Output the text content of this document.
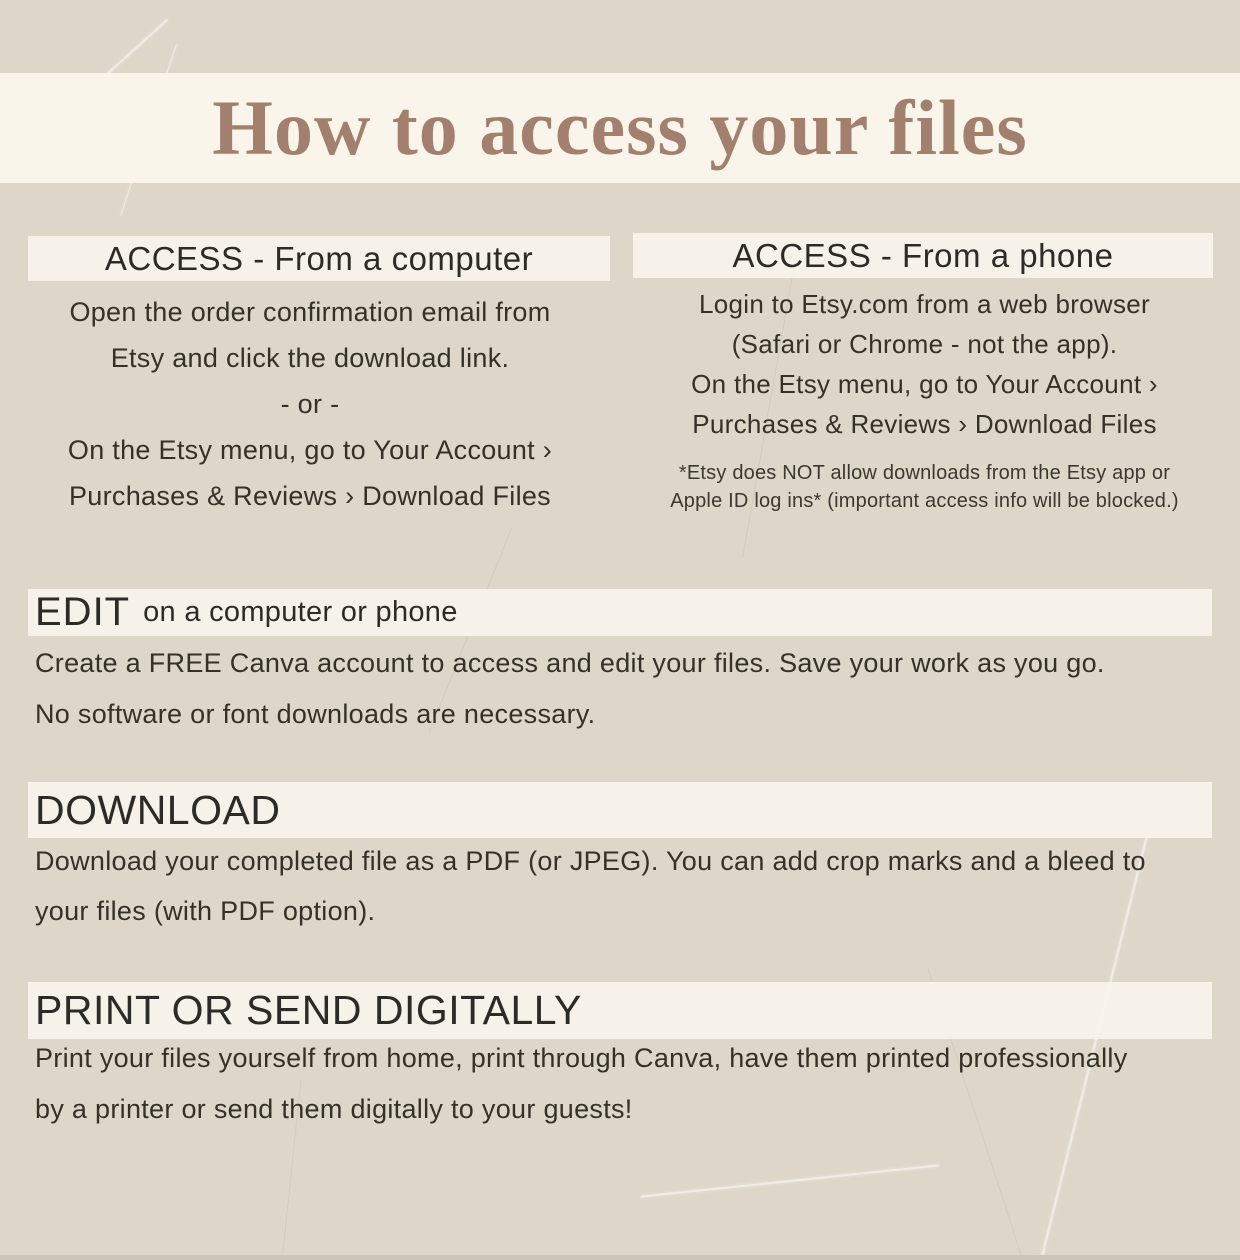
How to access your files
ACCESS - From a computer
Open the order confirmation email from
Etsy and click the download link.
- or -
On the Etsy menu, go to Your Account ›
Purchases & Reviews › Download Files
ACCESS - From a phone
Login to Etsy.com from a web browser
(Safari or Chrome - not the app).
On the Etsy menu, go to Your Account ›
Purchases & Reviews › Download Files
*Etsy does NOT allow downloads from the Etsy app or
Apple ID log ins* (important access info will be blocked.)
EDIT on a computer or phone
Create a FREE Canva account to access and edit your files. Save your work as you go.
No software or font downloads are necessary.
DOWNLOAD
Download your completed file as a PDF (or JPEG). You can add crop marks and a bleed to
your files (with PDF option).
PRINT OR SEND DIGITALLY
Print your files yourself from home, print through Canva, have them printed professionally
by a printer or send them digitally to your guests!
